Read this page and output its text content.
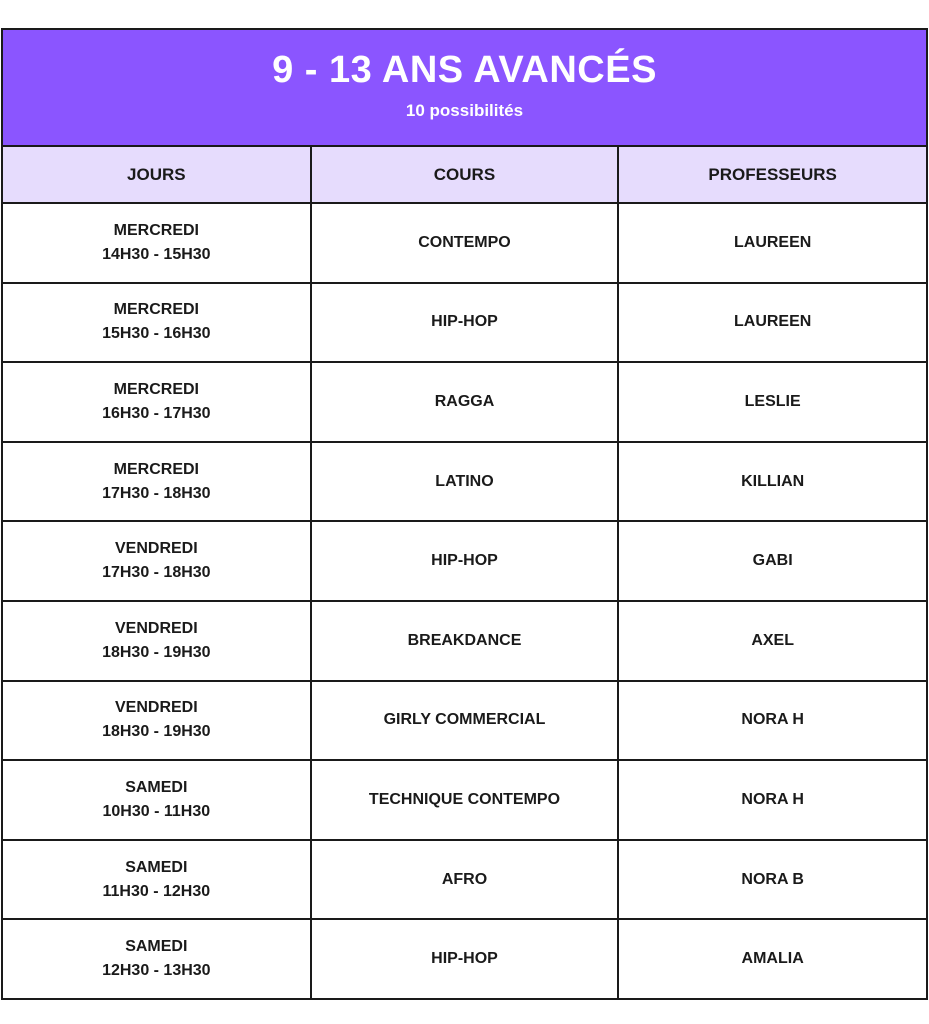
9 - 13 ANS AVANCÉS
10 possibilités
JOURS	COURS	PROFESSEURS

MERCREDI
14H30 - 15H30	CONTEMPO	LAUREEN

MERCREDI
15H30 - 16H30	HIP-HOP	LAUREEN

MERCREDI
16H30 - 17H30	RAGGA	LESLIE

MERCREDI
17H30 - 18H30	LATINO	KILLIAN

VENDREDI
17H30 - 18H30	HIP-HOP	GABI

VENDREDI
18H30 - 19H30	BREAKDANCE	AXEL

VENDREDI
18H30 - 19H30	GIRLY COMMERCIAL	NORA H

SAMEDI
10H30 - 11H30	TECHNIQUE CONTEMPO	NORA H

SAMEDI
11H30 - 12H30	AFRO	NORA B

SAMEDI
12H30 - 13H30	HIP-HOP	AMALIA
